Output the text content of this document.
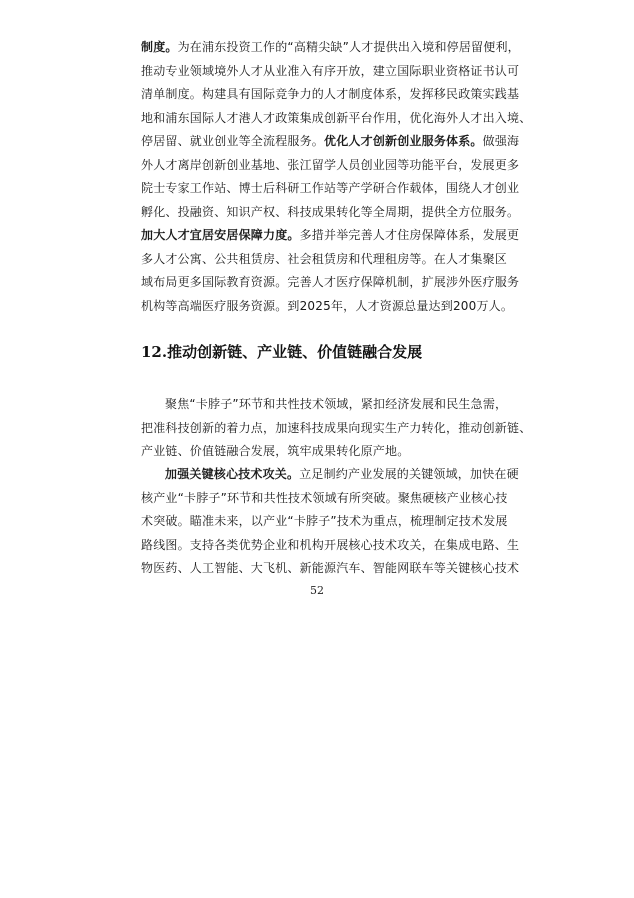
制度。为在浦东投资工作的“高精尖缺”人才提供出入境和停居留便利，
推动专业领域境外人才从业准入有序开放，建立国际职业资格证书认可
清单制度。构建具有国际竞争力的人才制度体系，发挥移民政策实践基
地和浦东国际人才港人才政策集成创新平台作用，优化海外人才出入境、
停居留、就业创业等全流程服务。优化人才创新创业服务体系。做强海
外人才离岸创新创业基地、张江留学人员创业园等功能平台，发展更多
院士专家工作站、博士后科研工作站等产学研合作载体，围绕人才创业
孵化、投融资、知识产权、科技成果转化等全周期，提供全方位服务。
加大人才宜居安居保障力度。多措并举完善人才住房保障体系，发展更
多人才公寓、公共租赁房、社会租赁房和代理租房等。在人才集聚区
域布局更多国际教育资源。完善人才医疗保障机制，扩展涉外医疗服务
机构等高端医疗服务资源。到2025年，人才资源总量达到200万人。
12.推动创新链、产业链、价值链融合发展
聚焦“卡脖子”环节和共性技术领域，紧扣经济发展和民生急需，
把准科技创新的着力点，加速科技成果向现实生产力转化，推动创新链、
产业链、价值链融合发展，筑牢成果转化原产地。
加强关键核心技术攻关。立足制约产业发展的关键领域，加快在硬
核产业“卡脖子”环节和共性技术领域有所突破。聚焦硬核产业核心技
术突破。瞄准未来，以产业“卡脖子”技术为重点，梳理制定技术发展
路线图。支持各类优势企业和机构开展核心技术攻关，在集成电路、生
物医药、人工智能、大飞机、新能源汽车、智能网联车等关键核心技术
52
